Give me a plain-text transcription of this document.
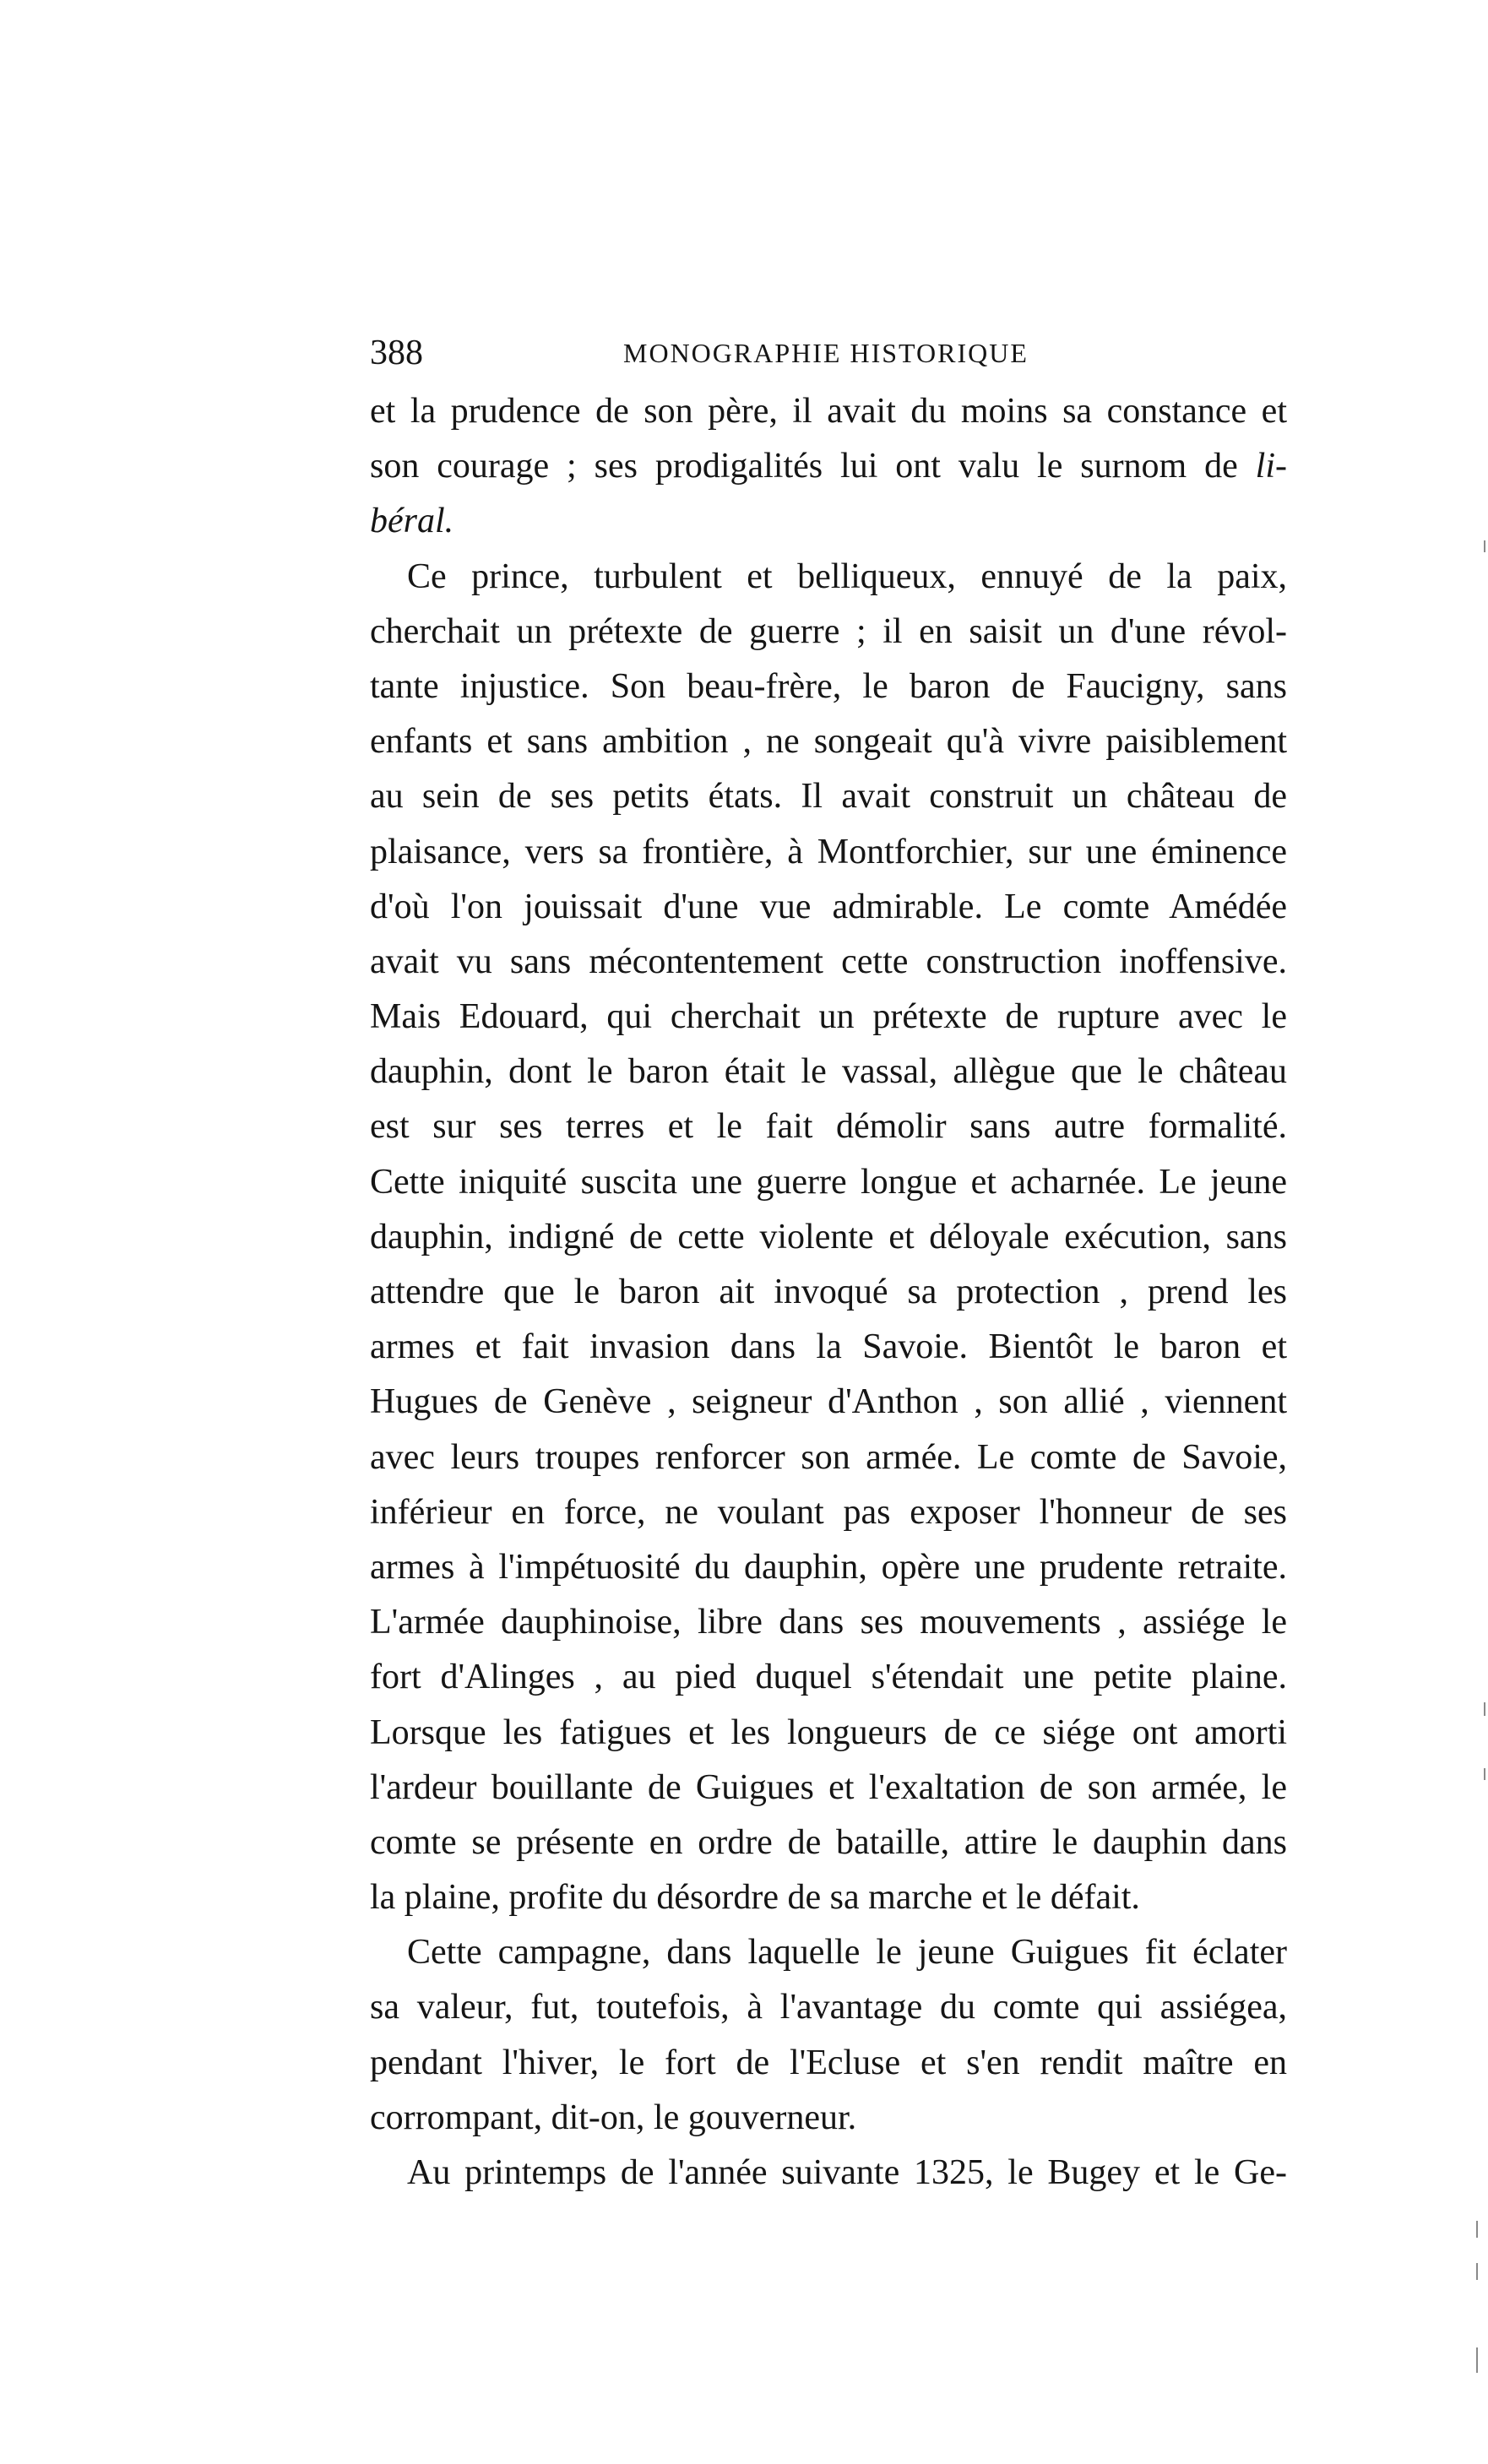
388	MONOGRAPHIE HISTORIQUE
et la prudence de son père, il avait du moins sa constance et
son courage ; ses prodigalités lui ont valu le surnom de li-
béral.
Ce prince, turbulent et belliqueux, ennuyé de la paix,
cherchait un prétexte de guerre ; il en saisit un d'une révol-
tante injustice. Son beau-frère, le baron de Faucigny, sans
enfants et sans ambition , ne songeait qu'à vivre paisiblement
au sein de ses petits états. Il avait construit un château de
plaisance, vers sa frontière, à Montforchier, sur une éminence
d'où l'on jouissait d'une vue admirable. Le comte Amédée
avait vu sans mécontentement cette construction inoffensive.
Mais Edouard, qui cherchait un prétexte de rupture avec le
dauphin, dont le baron était le vassal, allègue que le château
est sur ses terres et le fait démolir sans autre formalité.
Cette iniquité suscita une guerre longue et acharnée. Le jeune
dauphin, indigné de cette violente et déloyale exécution, sans
attendre que le baron ait invoqué sa protection , prend les
armes et fait invasion dans la Savoie. Bientôt le baron et
Hugues de Genève , seigneur d'Anthon , son allié , viennent
avec leurs troupes renforcer son armée. Le comte de Savoie,
inférieur en force, ne voulant pas exposer l'honneur de ses
armes à l'impétuosité du dauphin, opère une prudente retraite.
L'armée dauphinoise, libre dans ses mouvements , assiége le
fort d'Alinges , au pied duquel s'étendait une petite plaine.
Lorsque les fatigues et les longueurs de ce siége ont amorti
l'ardeur bouillante de Guigues et l'exaltation de son armée, le
comte se présente en ordre de bataille, attire le dauphin dans
la plaine, profite du désordre de sa marche et le défait.
Cette campagne, dans laquelle le jeune Guigues fit éclater
sa valeur, fut, toutefois, à l'avantage du comte qui assiégea,
pendant l'hiver, le fort de l'Ecluse et s'en rendit maître en
corrompant, dit-on, le gouverneur.
Au printemps de l'année suivante 1325, le Bugey et le Ge-
